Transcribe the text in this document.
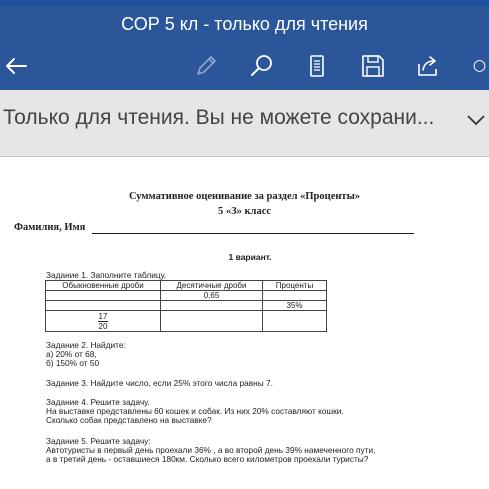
СОР 5 кл - только для чтения
Только для чтения. Вы не можете сохрани...
Суммативное оценивание за раздел «Проценты»
5 «З» класс
Фамилия, Имя
1 вариант.
Задание 1. Заполните таблицу.
Обыкновенные дроби	Десятичные дроби	Проценты
	0,65	
		35%

$\frac{17}{20}$

Задание 2. Найдите:
а) 20% от 68,
б) 150% от 50
Задание 3. Найдите число, если 25% этого числа равны 7.
Задание 4. Решите задачу.
На выставке представлены 60 кошек и собак. Из них 20% составляют кошки.
Сколько собак представлено на выставке?
Задание 5. Решите задачу:
Автотуристы в первый день проехали 36% , а во второй день 39% намеченного пути,
а в третий день - оставшиеся 180км. Сколько всего километров проехали туристы?
